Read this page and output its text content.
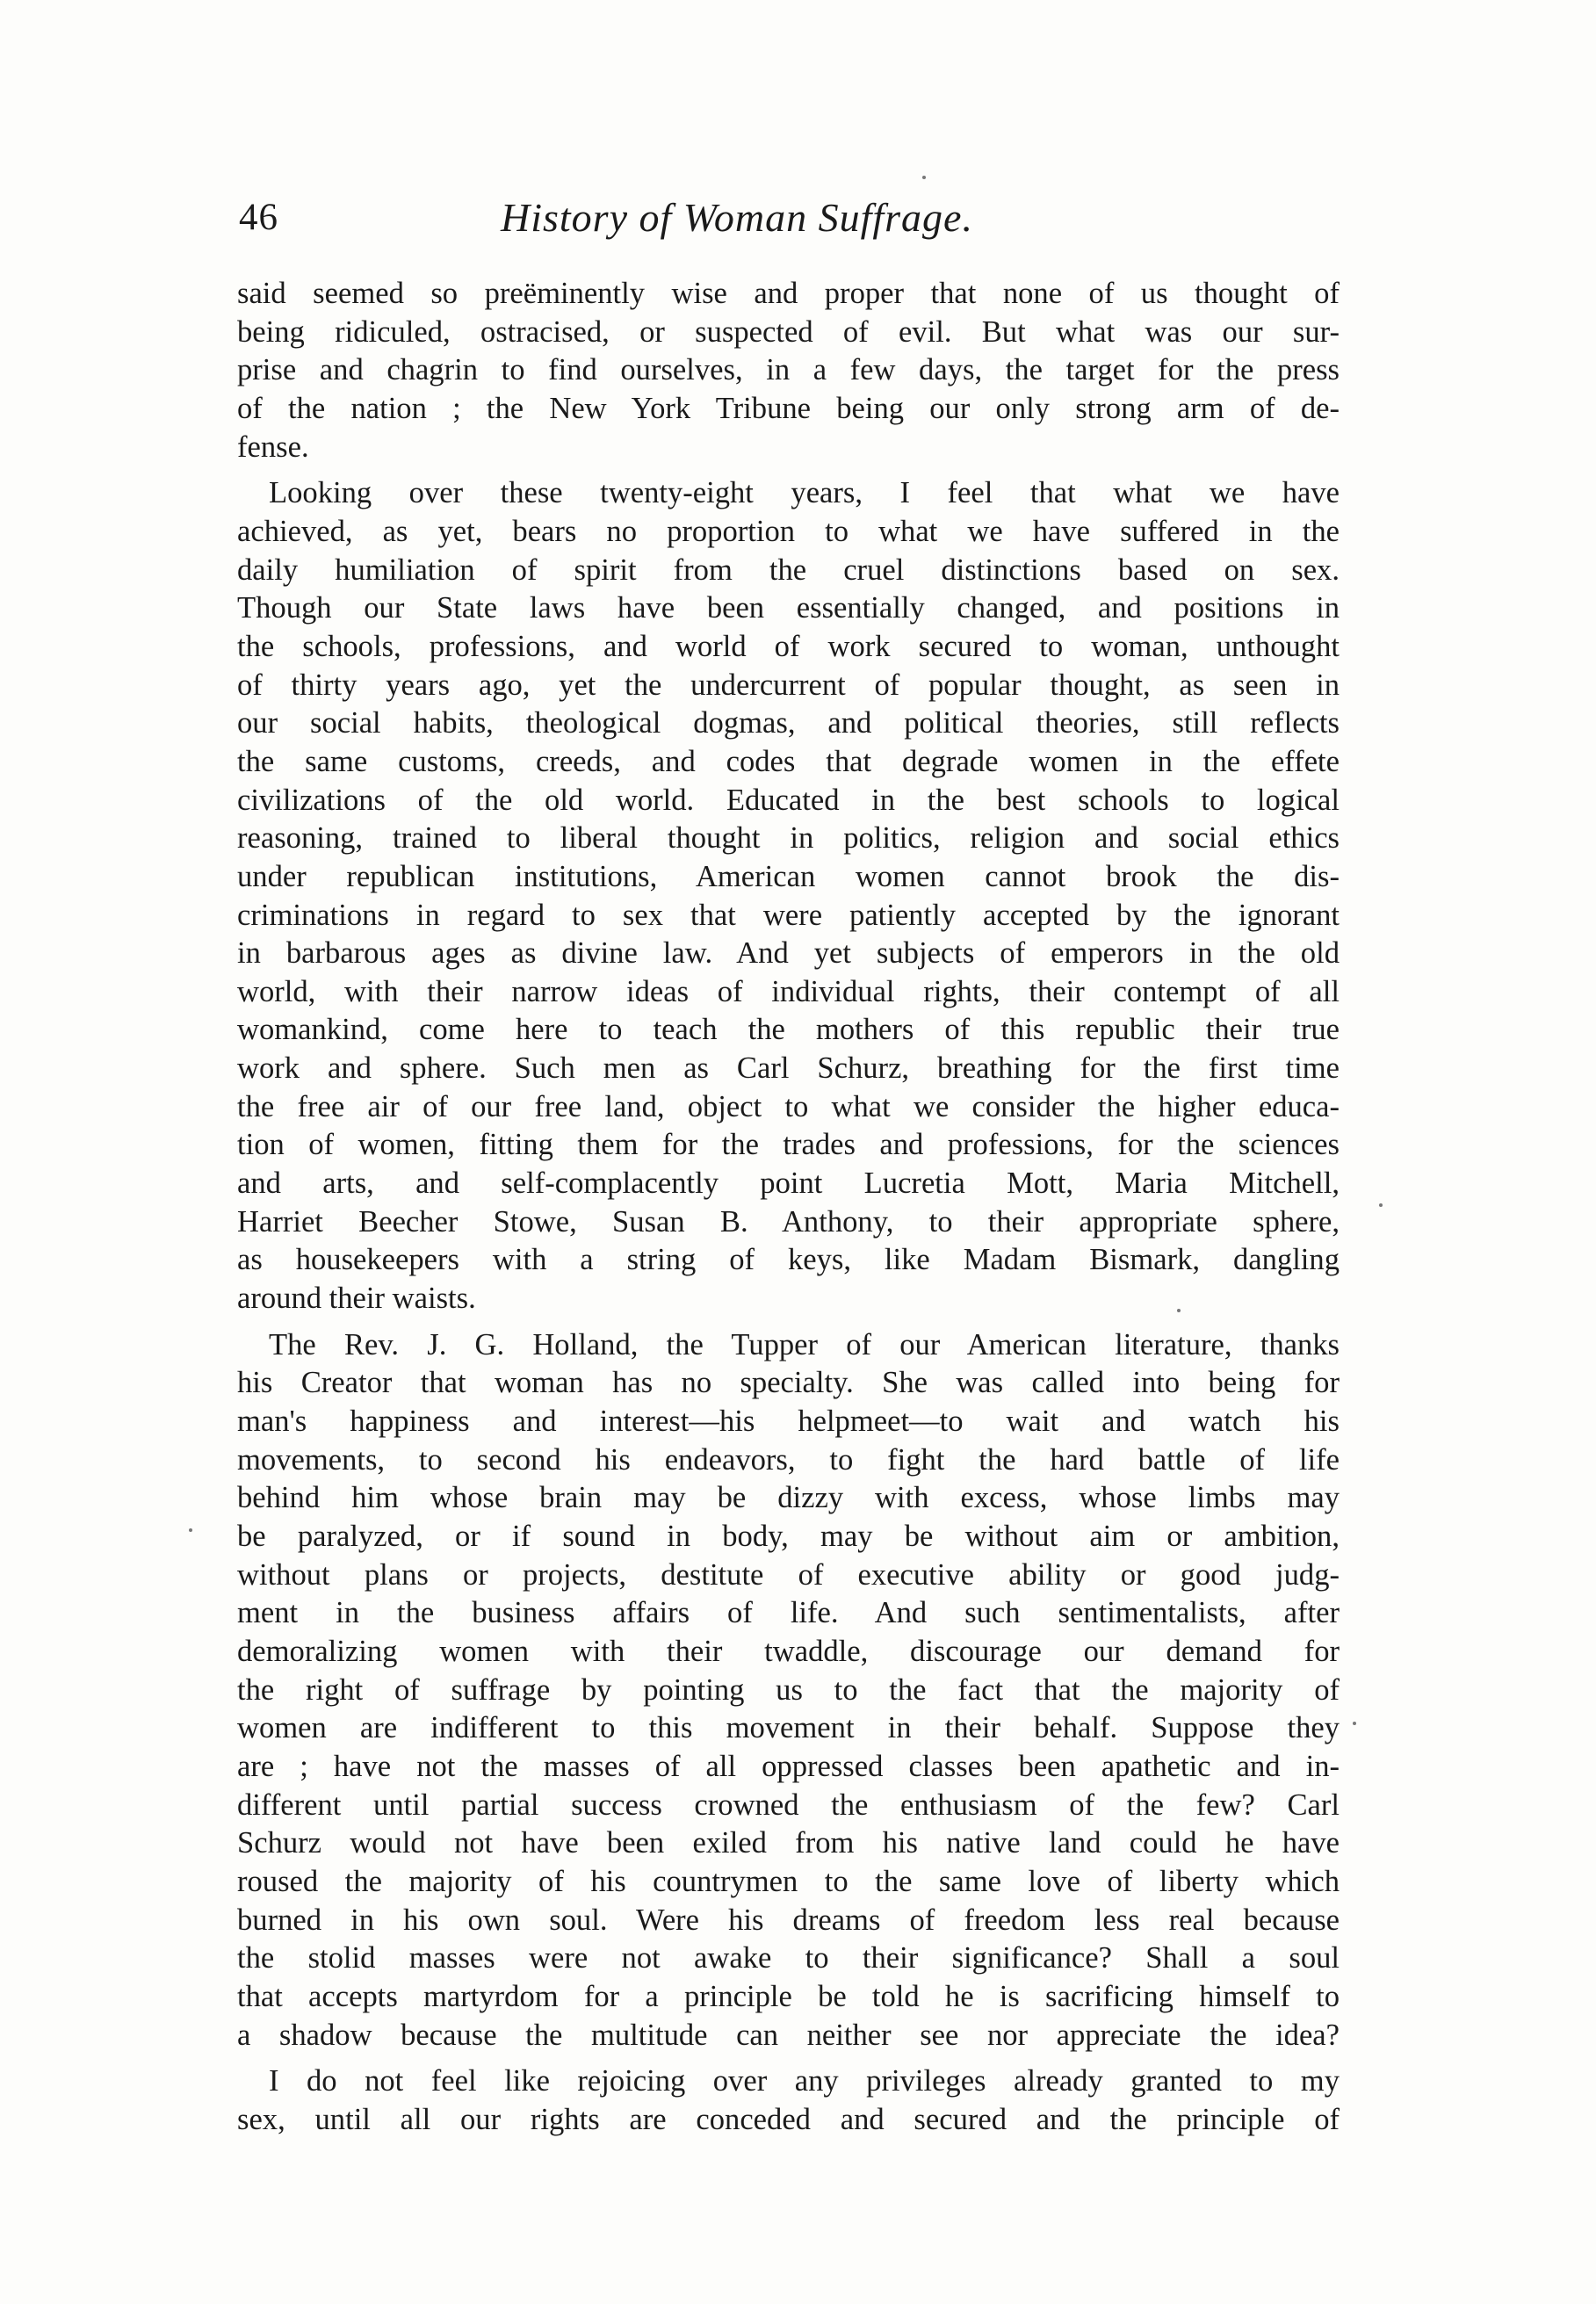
46	History of Woman Suffrage.

said seemed so preëminently wise and proper that none of us thought of
being ridiculed, ostracised, or suspected of evil. But what was our sur-
prise and chagrin to find ourselves, in a few days, the target for the press
of the nation ; the New York Tribune being our only strong arm of de-
fense.

Looking over these twenty-eight years, I feel that what we have
achieved, as yet, bears no proportion to what we have suffered in the
daily humiliation of spirit from the cruel distinctions based on sex.
Though our State laws have been essentially changed, and positions in
the schools, professions, and world of work secured to woman, unthought
of thirty years ago, yet the undercurrent of popular thought, as seen in
our social habits, theological dogmas, and political theories, still reflects
the same customs, creeds, and codes that degrade women in the effete
civilizations of the old world. Educated in the best schools to logical
reasoning, trained to liberal thought in politics, religion and social ethics
under republican institutions, American women cannot brook the dis-
criminations in regard to sex that were patiently accepted by the ignorant
in barbarous ages as divine law. And yet subjects of emperors in the old
world, with their narrow ideas of individual rights, their contempt of all
womankind, come here to teach the mothers of this republic their true
work and sphere. Such men as Carl Schurz, breathing for the first time
the free air of our free land, object to what we consider the higher educa-
tion of women, fitting them for the trades and professions, for the sciences
and arts, and self-complacently point Lucretia Mott, Maria Mitchell,
Harriet Beecher Stowe, Susan B. Anthony, to their appropriate sphere,
as housekeepers with a string of keys, like Madam Bismark, dangling
around their waists.

The Rev. J. G. Holland, the Tupper of our American literature, thanks
his Creator that woman has no specialty. She was called into being for
man's happiness and interest—his helpmeet—to wait and watch his
movements, to second his endeavors, to fight the hard battle of life
behind him whose brain may be dizzy with excess, whose limbs may
be paralyzed, or if sound in body, may be without aim or ambition,
without plans or projects, destitute of executive ability or good judg-
ment in the business affairs of life. And such sentimentalists, after
demoralizing women with their twaddle, discourage our demand for
the right of suffrage by pointing us to the fact that the majority of
women are indifferent to this movement in their behalf. Suppose they
are ; have not the masses of all oppressed classes been apathetic and in-
different until partial success crowned the enthusiasm of the few? Carl
Schurz would not have been exiled from his native land could he have
roused the majority of his countrymen to the same love of liberty which
burned in his own soul. Were his dreams of freedom less real because
the stolid masses were not awake to their significance? Shall a soul
that accepts martyrdom for a principle be told he is sacrificing himself to
a shadow because the multitude can neither see nor appreciate the idea?

I do not feel like rejoicing over any privileges already granted to my
sex, until all our rights are conceded and secured and the principle of
